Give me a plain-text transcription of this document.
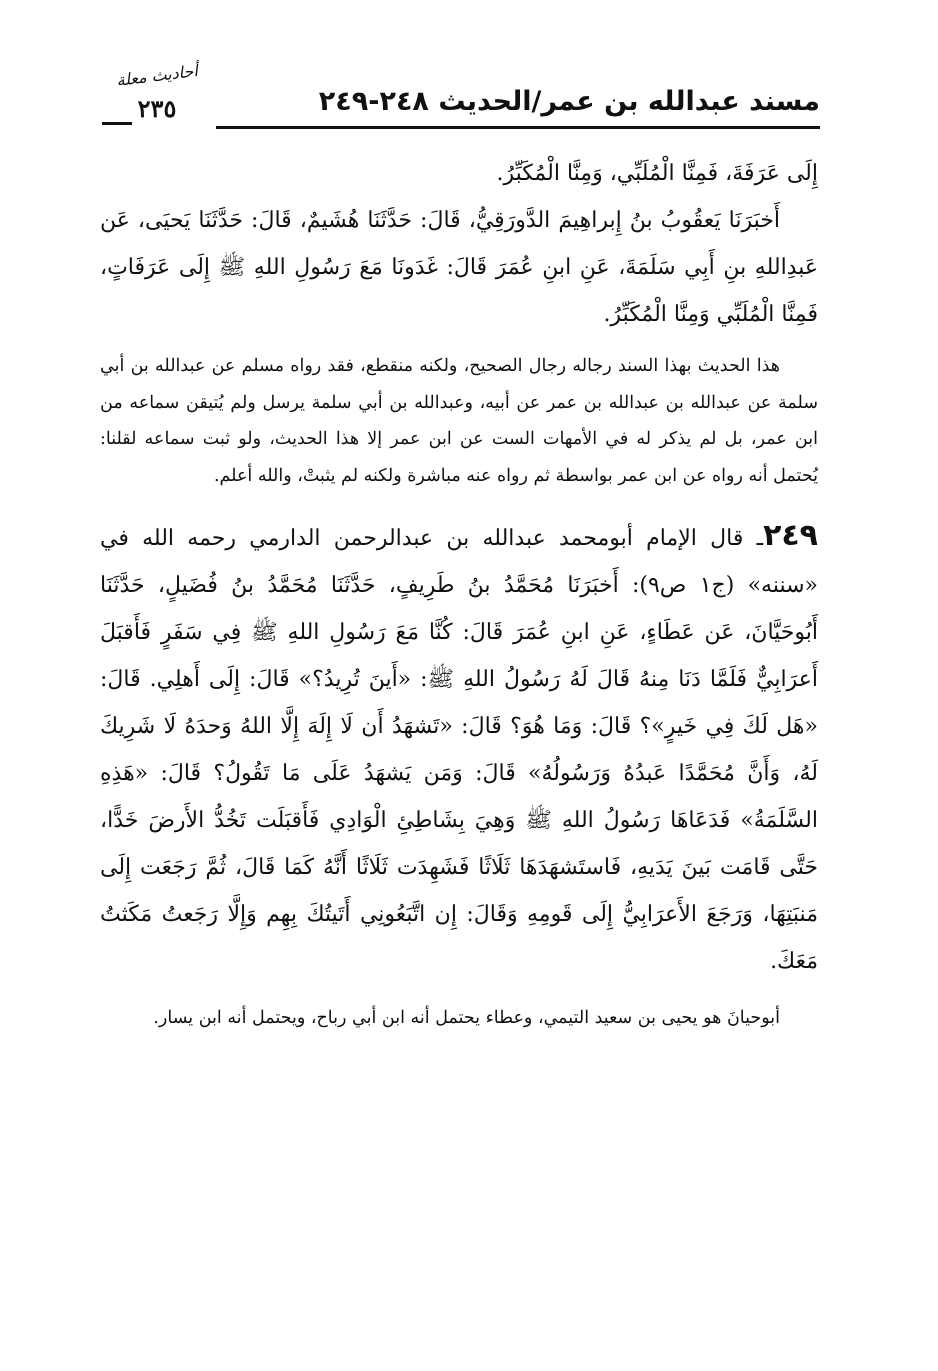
مسند عبدالله بن عمر/الحديث ٢٤٨-٢٤٩
أحاديث معلة
٢٣٥

إِلَى عَرَفَةَ، فَمِنَّا الْمُلَبِّي، وَمِنَّا الْمُكَبِّرُ.

أَخبَرَنَا يَعقُوبُ بنُ إِبراهِيمَ الدَّورَقِيُّ، قَالَ: حَدَّثَنَا هُشَيمٌ، قَالَ: حَدَّثَنَا يَحيَى، عَن عَبدِاللهِ بنِ أَبِي سَلَمَةَ، عَنِ ابنِ عُمَرَ قَالَ: غَدَونَا مَعَ رَسُولِ اللهِ ﷺ إِلَى عَرَفَاتٍ، فَمِنَّا الْمُلَبِّي وَمِنَّا الْمُكَبِّرُ.

هذا الحديث بهذا السند رجاله رجال الصحيح، ولكنه منقطع، فقد رواه مسلم عن عبدالله بن أبي سلمة عن عبدالله بن عبدالله بن عمر عن أبيه، وعبدالله بن أبي سلمة يرسل ولم يُتيقن سماعه من ابن عمر، بل لم يذكر له في الأمهات الست عن ابن عمر إلا هذا الحديث، ولو ثبت سماعه لقلنا: يُحتمل أنه رواه عن ابن عمر بواسطة ثم رواه عنه مباشرة ولكنه لم يثبتْ، والله أعلم.

٢٤٩ـ قال الإمام أبومحمد عبدالله بن عبدالرحمن الدارمي رحمه الله في «سننه» (ج١ ص٩): أَخبَرَنَا مُحَمَّدُ بنُ طَرِيفٍ، حَدَّثَنَا مُحَمَّدُ بنُ فُضَيلٍ، حَدَّثَنَا أَبُوحَيَّانَ، عَن عَطَاءٍ، عَنِ ابنِ عُمَرَ قَالَ: كُنَّا مَعَ رَسُولِ اللهِ ﷺ فِي سَفَرٍ فَأَقبَلَ أَعرَابِيٌّ فَلَمَّا دَنَا مِنهُ قَالَ لَهُ رَسُولُ اللهِ ﷺ: «أَينَ تُرِيدُ؟» قَالَ: إِلَى أَهلِي. قَالَ: «هَل لَكَ فِي خَيرٍ»؟ قَالَ: وَمَا هُوَ؟ قَالَ: «تَشهَدُ أَن لَا إِلَهَ إِلَّا اللهُ وَحدَهُ لَا شَرِيكَ لَهُ، وَأَنَّ مُحَمَّدًا عَبدُهُ وَرَسُولُهُ» قَالَ: وَمَن يَشهَدُ عَلَى مَا تَقُولُ؟ قَالَ: «هَذِهِ السَّلَمَةُ» فَدَعَاهَا رَسُولُ اللهِ ﷺ وَهِيَ بِشَاطِئِ الْوَادِي فَأَقبَلَت تَخُدُّ الأَرضَ خَدًّا، حَتَّى قَامَت بَينَ يَدَيهِ، فَاستَشهَدَهَا ثَلَاثًا فَشَهِدَت ثَلَاثًا أَنَّهُ كَمَا قَالَ، ثُمَّ رَجَعَت إِلَى مَنبَتِهَا، وَرَجَعَ الأَعرَابِيُّ إِلَى قَومِهِ وَقَالَ: إِن اتَّبَعُونِي أَتَيتُكَ بِهِم وَإِلَّا رَجَعتُ مَكَثتُ مَعَكَ.

أبوحيانَ هو يحيى بن سعيد التيمي، وعطاء يحتمل أنه ابن أبي رباح، ويحتمل أنه ابن يسار.
